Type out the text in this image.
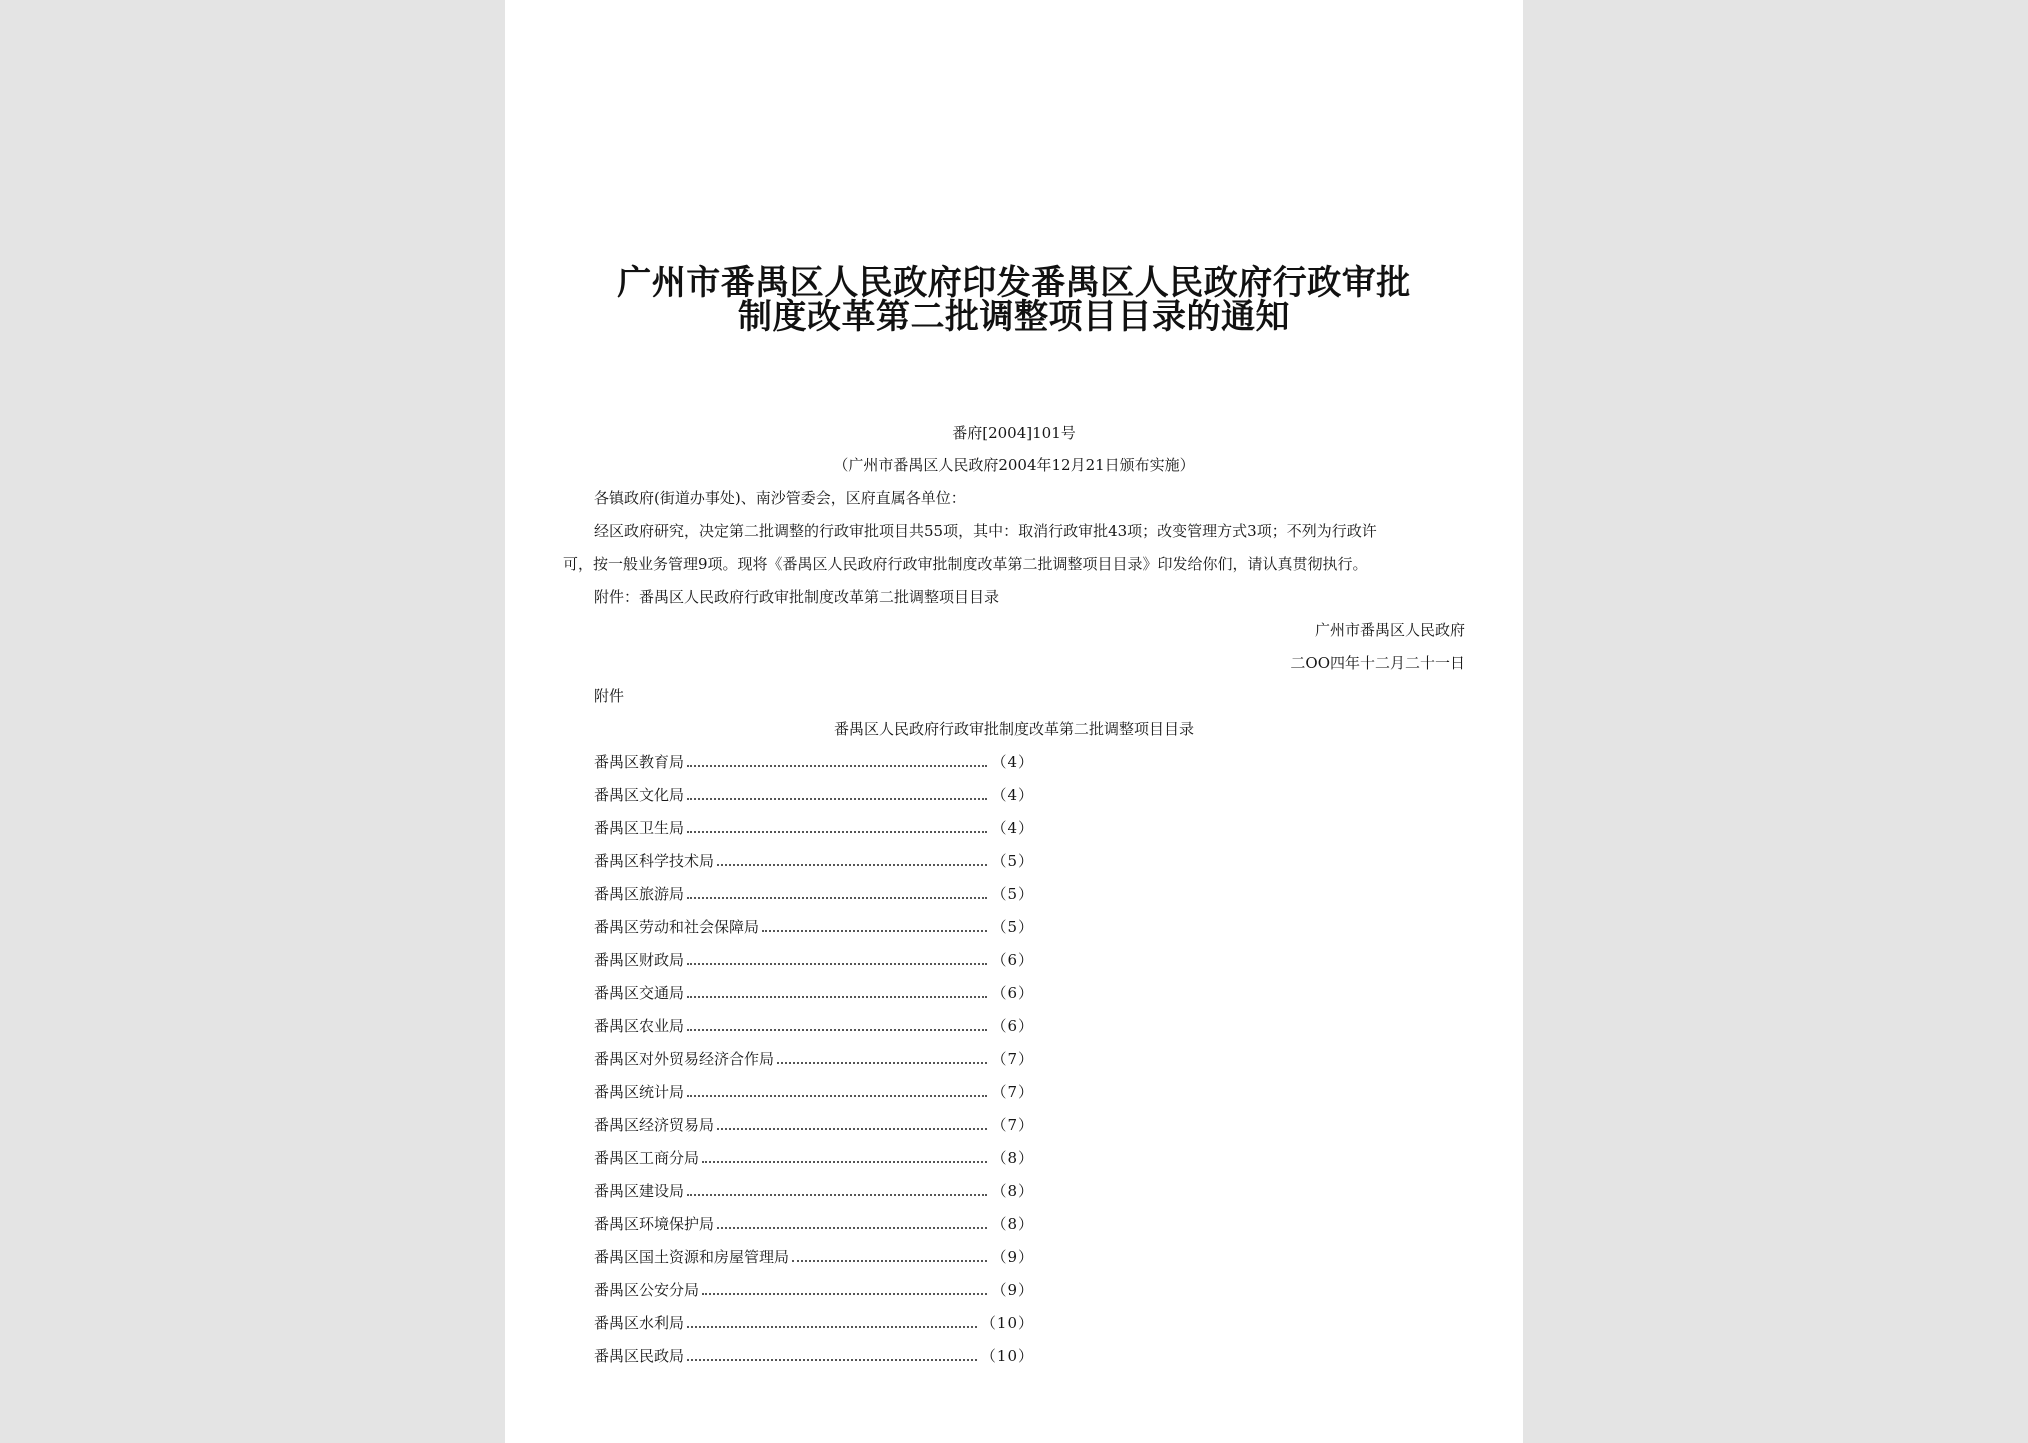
广州市番禺区人民政府印发番禺区人民政府行政审批
制度改革第二批调整项目目录的通知
番府[2004]101号
（广州市番禺区人民政府2004年12月21日颁布实施）
各镇政府(街道办事处)、南沙管委会，区府直属各单位：
经区政府研究，决定第二批调整的行政审批项目共55项，其中：取消行政审批43项；改变管理方式3项；不列为行政许
可，按一般业务管理9项。现将《番禺区人民政府行政审批制度改革第二批调整项目目录》印发给你们，请认真贯彻执行。
附件：番禺区人民政府行政审批制度改革第二批调整项目目录
广州市番禺区人民政府
二OO四年十二月二十一日
附件
番禺区人民政府行政审批制度改革第二批调整项目目录
番禺区教育局	（4）
番禺区文化局	（4）
番禺区卫生局	（4）
番禺区科学技术局	（5）
番禺区旅游局	（5）
番禺区劳动和社会保障局	（5）
番禺区财政局	（6）
番禺区交通局	（6）
番禺区农业局	（6）
番禺区对外贸易经济合作局	（7）
番禺区统计局	（7）
番禺区经济贸易局	（7）
番禺区工商分局	（8）
番禺区建设局	（8）
番禺区环境保护局	（8）
番禺区国土资源和房屋管理局	（9）
番禺区公安分局	（9）
番禺区水利局	（10）
番禺区民政局	（10）
